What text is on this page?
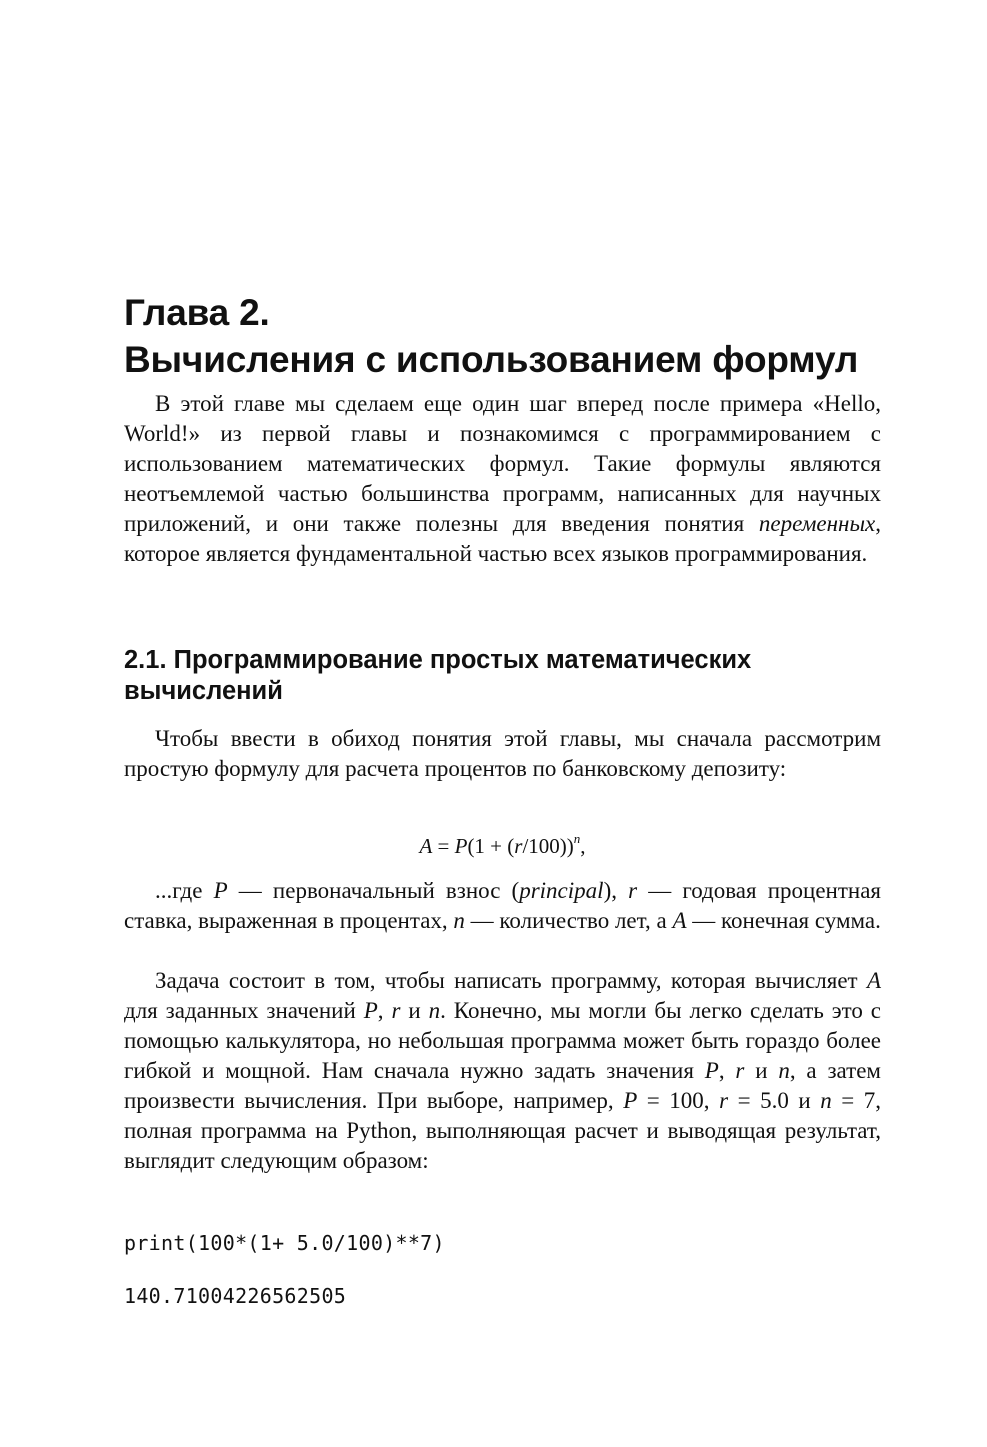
Глава 2.
Вычисления с использованием формул

В этой главе мы сделаем еще один шаг вперед после примера «Hello, World!» из первой главы и познакомимся с программированием с использованием математических формул. Такие формулы являются неотъемлемой частью большинства программ, написанных для научных приложений, и они также полезны для введения понятия переменных, которое является фундаментальной частью всех языков программирования.

2.1. Программирование простых математических
вычислений

Чтобы ввести в обиход понятия этой главы, мы сначала рассмотрим простую формулу для расчета процентов по банковскому депозиту:

$A = P(1 + (r/100))^n$,

...где P — первоначальный взнос (principal), r — годовая процентная ставка, выраженная в процентах, n — количество лет, а A — конечная сумма.

Задача состоит в том, чтобы написать программу, которая вычисляет A для заданных значений P, r и n. Конечно, мы могли бы легко сделать это с помощью калькулятора, но небольшая программа может быть гораздо более гибкой и мощной. Нам сначала нужно задать значения P, r и n, а затем произвести вычисления. При выборе, например, P = 100, r = 5.0 и n = 7, полная программа на Python, выполняющая расчет и выводящая результат, выглядит следующим образом:

print(100*(1+ 5.0/100)**7)
140.71004226562505
